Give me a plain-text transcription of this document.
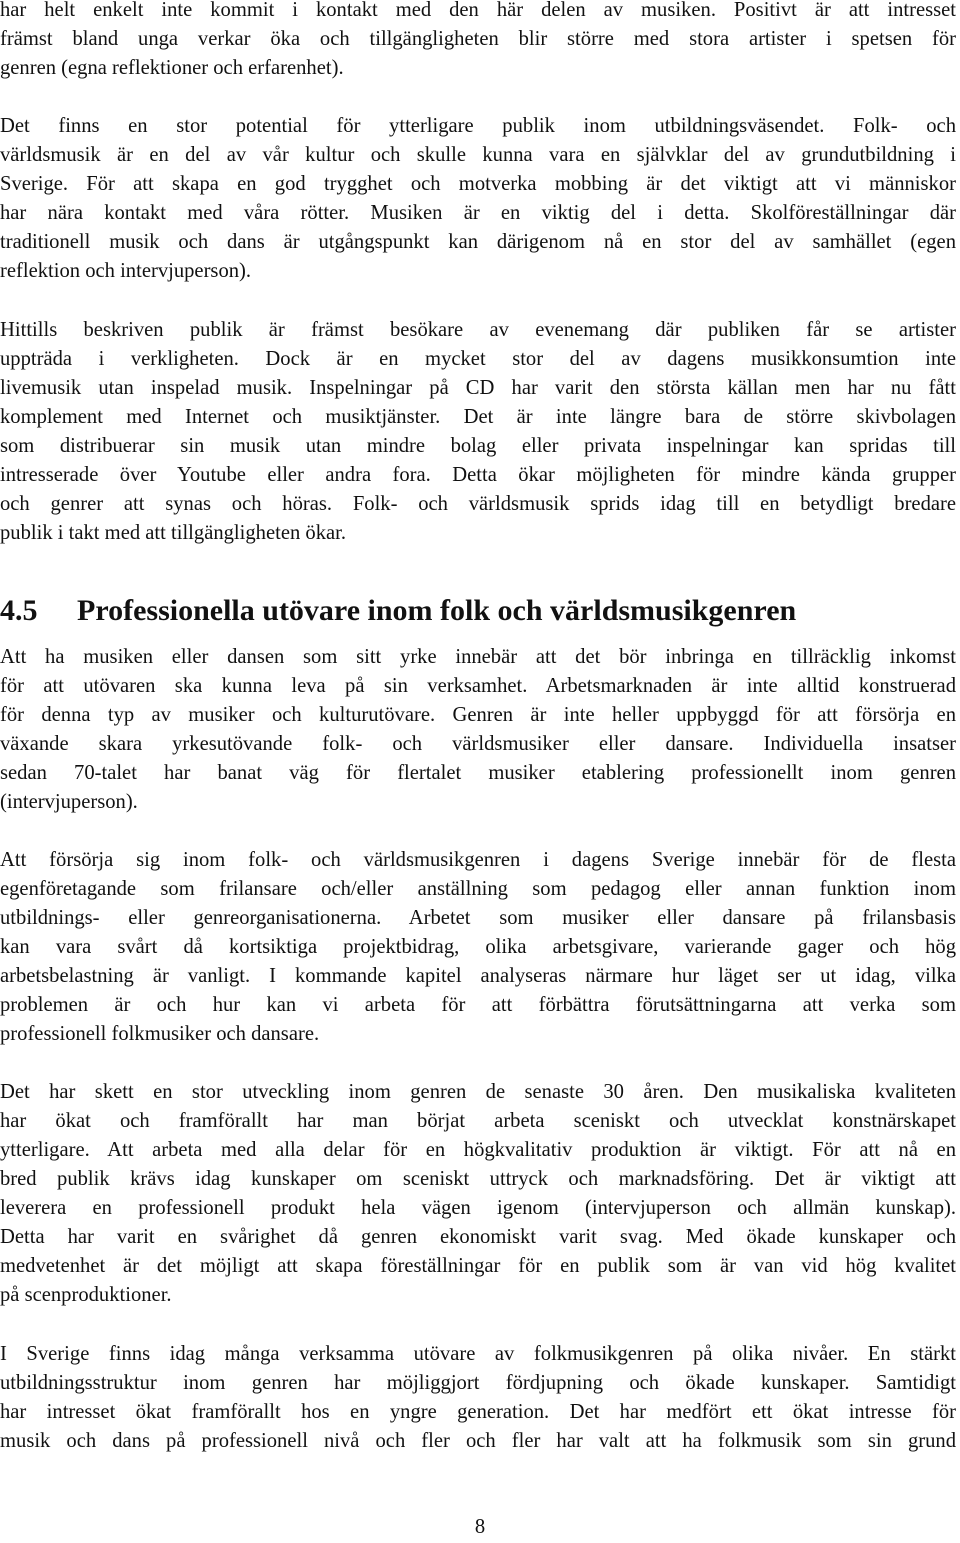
har helt enkelt inte kommit i kontakt med den här delen av musiken. Positivt är att intresset
främst bland unga verkar öka och tillgängligheten blir större med stora artister i spetsen för
genren (egna reflektioner och erfarenhet).
Det finns en stor potential för ytterligare publik inom utbildningsväsendet. Folk- och
världsmusik är en del av vår kultur och skulle kunna vara en självklar del av grundutbildning i
Sverige. För att skapa en god trygghet och motverka mobbing är det viktigt att vi människor
har nära kontakt med våra rötter. Musiken är en viktig del i detta. Skolföreställningar där
traditionell musik och dans är utgångspunkt kan därigenom nå en stor del av samhället (egen
reflektion och intervjuperson).
Hittills beskriven publik är främst besökare av evenemang där publiken får se artister
uppträda i verkligheten. Dock är en mycket stor del av dagens musikkonsumtion inte
livemusik utan inspelad musik. Inspelningar på CD har varit den största källan men har nu fått
komplement med Internet och musiktjänster. Det är inte längre bara de större skivbolagen
som distribuerar sin musik utan mindre bolag eller privata inspelningar kan spridas till
intresserade över Youtube eller andra fora. Detta ökar möjligheten för mindre kända grupper
och genrer att synas och höras. Folk- och världsmusik sprids idag till en betydligt bredare
publik i takt med att tillgängligheten ökar.
4.5 Professionella utövare inom folk och världsmusikgenren
Att ha musiken eller dansen som sitt yrke innebär att det bör inbringa en tillräcklig inkomst
för att utövaren ska kunna leva på sin verksamhet. Arbetsmarknaden är inte alltid konstruerad
för denna typ av musiker och kulturutövare. Genren är inte heller uppbyggd för att försörja en
växande skara yrkesutövande folk- och världsmusiker eller dansare. Individuella insatser
sedan 70-talet har banat väg för flertalet musiker etablering professionellt inom genren
(intervjuperson).
Att försörja sig inom folk- och världsmusikgenren i dagens Sverige innebär för de flesta
egenföretagande som frilansare och/eller anställning som pedagog eller annan funktion inom
utbildnings- eller genreorganisationerna. Arbetet som musiker eller dansare på frilansbasis
kan vara svårt då kortsiktiga projektbidrag, olika arbetsgivare, varierande gager och hög
arbetsbelastning är vanligt. I kommande kapitel analyseras närmare hur läget ser ut idag, vilka
problemen är och hur kan vi arbeta för att förbättra förutsättningarna att verka som
professionell folkmusiker och dansare.
Det har skett en stor utveckling inom genren de senaste 30 åren. Den musikaliska kvaliteten
har ökat och framförallt har man börjat arbeta sceniskt och utvecklat konstnärskapet
ytterligare. Att arbeta med alla delar för en högkvalitativ produktion är viktigt. För att nå en
bred publik krävs idag kunskaper om sceniskt uttryck och marknadsföring. Det är viktigt att
leverera en professionell produkt hela vägen igenom (intervjuperson och allmän kunskap).
Detta har varit en svårighet då genren ekonomiskt varit svag. Med ökade kunskaper och
medvetenhet är det möjligt att skapa föreställningar för en publik som är van vid hög kvalitet
på scenproduktioner.
I Sverige finns idag många verksamma utövare av folkmusikgenren på olika nivåer. En stärkt
utbildningsstruktur inom genren har möjliggjort fördjupning och ökade kunskaper. Samtidigt
har intresset ökat framförallt hos en yngre generation. Det har medfört ett ökat intresse för
musik och dans på professionell nivå och fler och fler har valt att ha folkmusik som sin grund
8
